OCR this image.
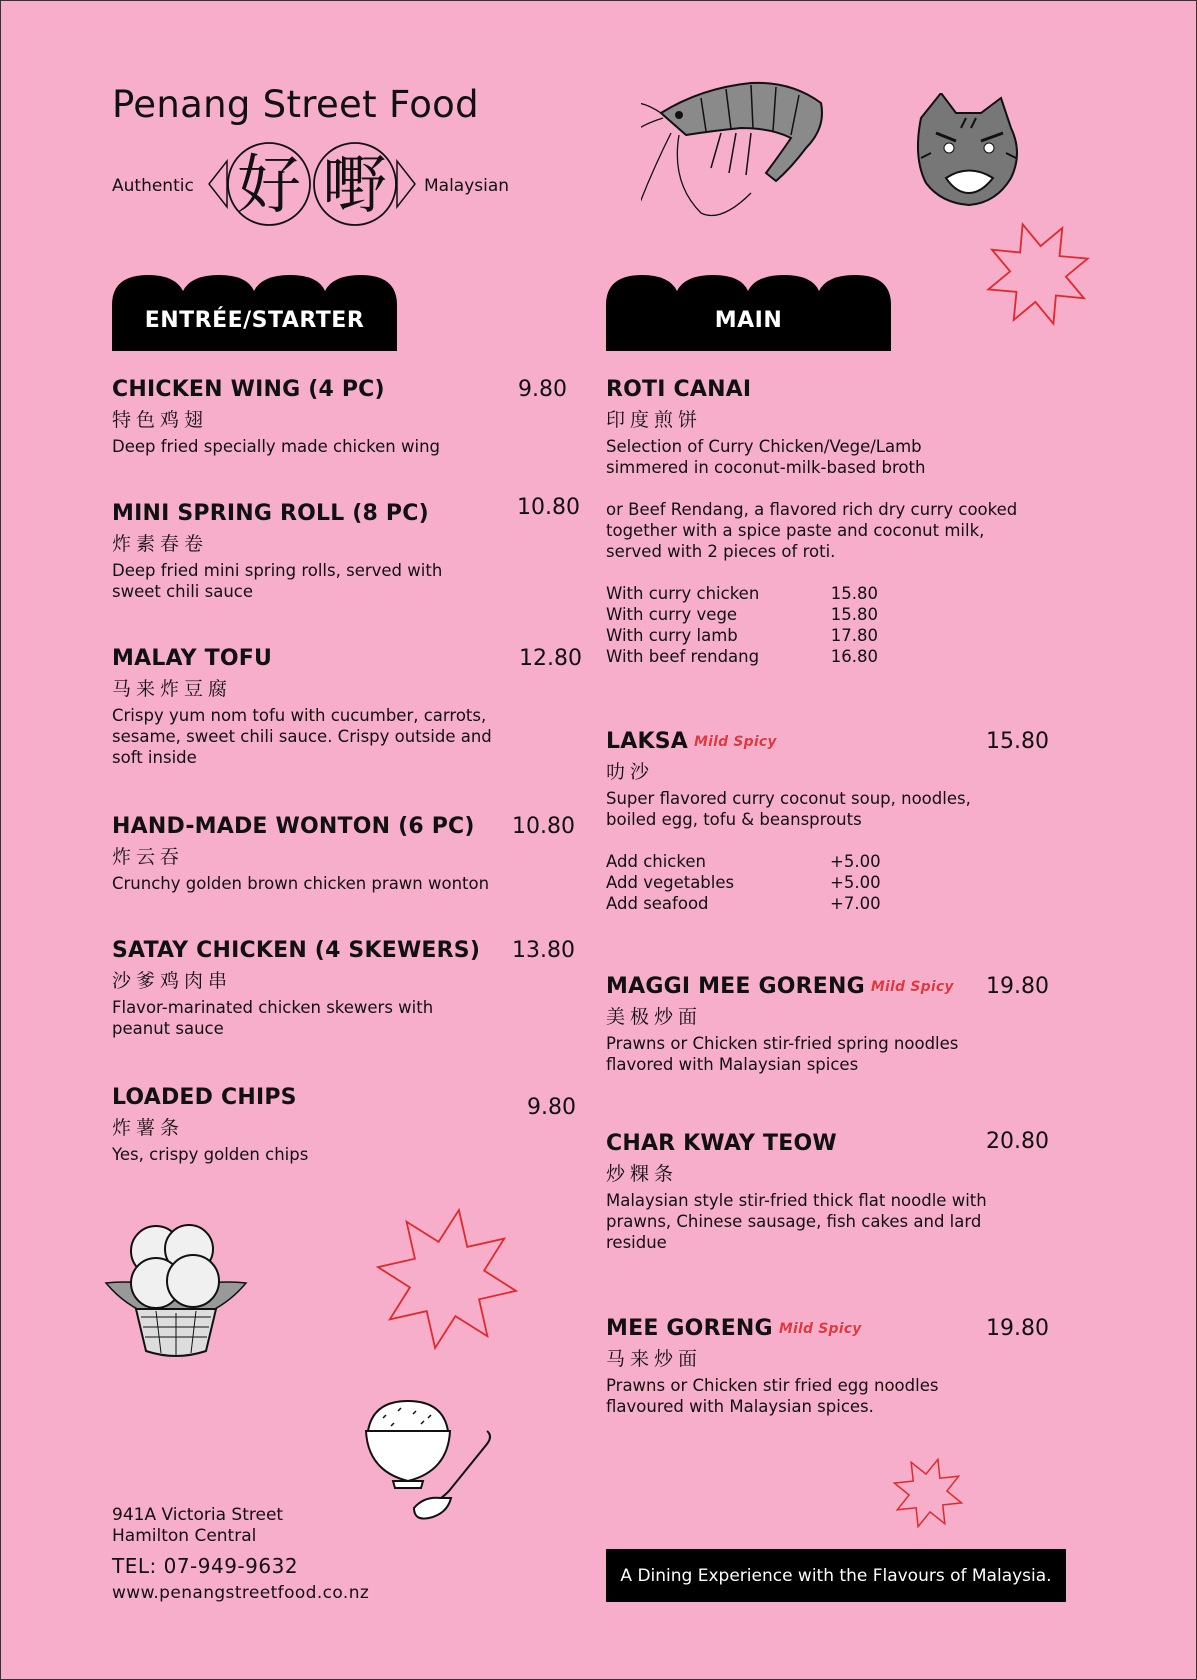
Penang Street Food
Authentic 好 嘢 Malaysian
ENTRÉE/STARTER	MAIN
CHICKEN WING (4 PC)
特色鸡翅
Deep fried specially made chicken wing
9.80
MINI SPRING ROLL (8 PC)
炸素春卷
Deep fried mini spring rolls, served with sweet chili sauce
10.80
MALAY TOFU
马来炸豆腐
Crispy yum nom tofu with cucumber, carrots, sesame, sweet chili sauce. Crispy outside and soft inside
12.80
HAND-MADE WONTON (6 PC)
炸云吞
Crunchy golden brown chicken prawn wonton
10.80
SATAY CHICKEN (4 SKEWERS)
沙爹鸡肉串
Flavor-marinated chicken skewers with peanut sauce
13.80
LOADED CHIPS
炸薯条
Yes, crispy golden chips
9.80
ROTI CANAI
印度煎饼
Selection of Curry Chicken/Vege/Lamb simmered in coconut-milk-based broth
or Beef Rendang, a flavored rich dry curry cooked together with a spice paste and coconut milk, served with 2 pieces of roti.
With curry chicken	15.80
With curry vege	15.80
With curry lamb	17.80
With beef rendang	16.80
LAKSA Mild Spicy
叻沙
Super flavored curry coconut soup, noodles, boiled egg, tofu & beansprouts
Add chicken	+5.00
Add vegetables	+5.00
Add seafood	+7.00
15.80
MAGGI MEE GORENG Mild Spicy
美极炒面
Prawns or Chicken stir-fried spring noodles flavored with Malaysian spices
19.80
CHAR KWAY TEOW
炒粿条
Malaysian style stir-fried thick flat noodle with prawns, Chinese sausage, fish cakes and lard residue
20.80
MEE GORENG Mild Spicy
马来炒面
Prawns or Chicken stir fried egg noodles flavoured with Malaysian spices.
19.80
941A Victoria Street
Hamilton Central
TEL: 07-949-9632
www.penangstreetfood.co.nz
A Dining Experience with the Flavours of Malaysia.
